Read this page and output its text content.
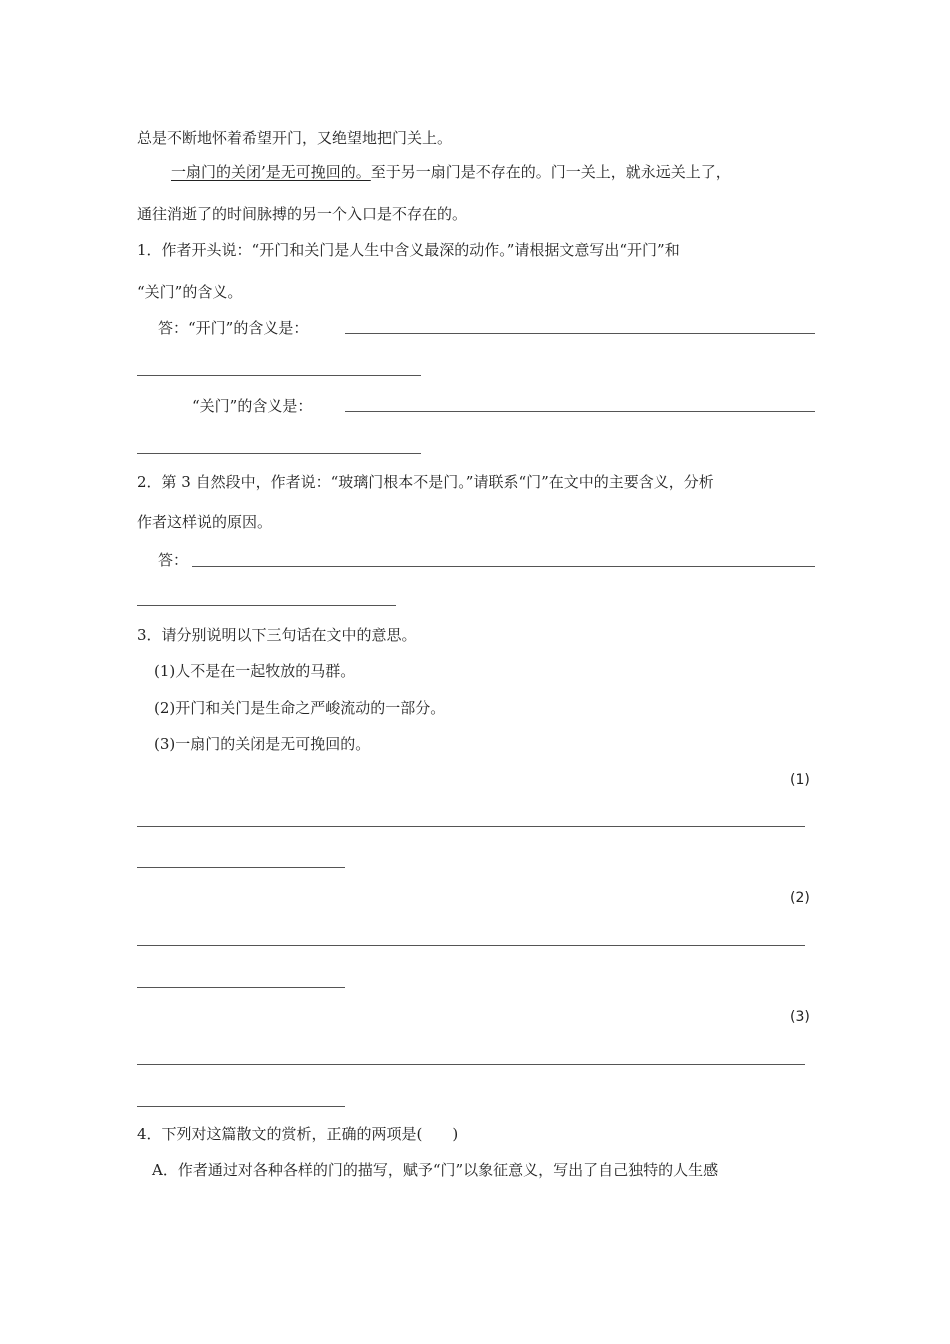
总是不断地怀着希望开门，又绝望地把门关上。
一扇门的关闭’是无可挽回的。至于另一扇门是不存在的。门一关上，就永远关上了，
通往消逝了的时间脉搏的另一个入口是不存在的。
1．作者开头说：“开门和关门是人生中含义最深的动作。”请根据文意写出“开门”和
“关门”的含义。
答：“开门”的含义是：
“关门”的含义是：
2．第 3 自然段中，作者说：“玻璃门根本不是门。”请联系“门”在文中的主要含义，分析
作者这样说的原因。
答：
3．请分别说明以下三句话在文中的意思。
(1)人不是在一起牧放的马群。
(2)开门和关门是生命之严峻流动的一部分。
(3)一扇门的关闭是无可挽回的。
(1)
(2)
(3)
4．下列对这篇散文的赏析，正确的两项是(　　)
A．作者通过对各种各样的门的描写，赋予“门”以象征意义，写出了自己独特的人生感
